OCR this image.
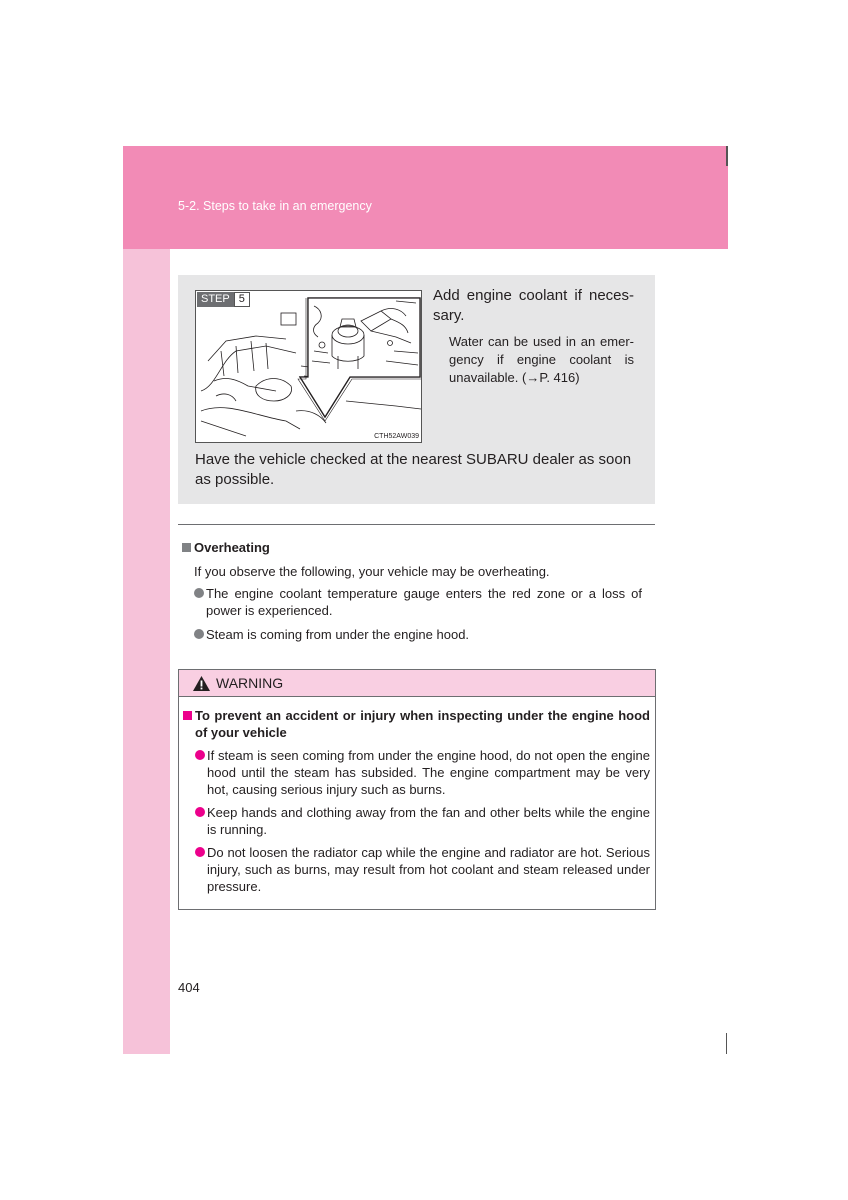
5-2. Steps to take in an emergency
STEP 5
CTH52AW039
Add engine coolant if neces-sary.
Water can be used in an emer-gency if engine coolant is unavailable. (→P. 416)
Have the vehicle checked at the nearest SUBARU dealer as soon as possible.
Overheating
If you observe the following, your vehicle may be overheating.
The engine coolant temperature gauge enters the red zone or a loss of power is experienced.
Steam is coming from under the engine hood.
WARNING
To prevent an accident or injury when inspecting under the engine hood of your vehicle
If steam is seen coming from under the engine hood, do not open the engine hood until the steam has subsided. The engine compartment may be very hot, causing serious injury such as burns.
Keep hands and clothing away from the fan and other belts while the engine is running.
Do not loosen the radiator cap while the engine and radiator are hot. Serious injury, such as burns, may result from hot coolant and steam released under pressure.
404
